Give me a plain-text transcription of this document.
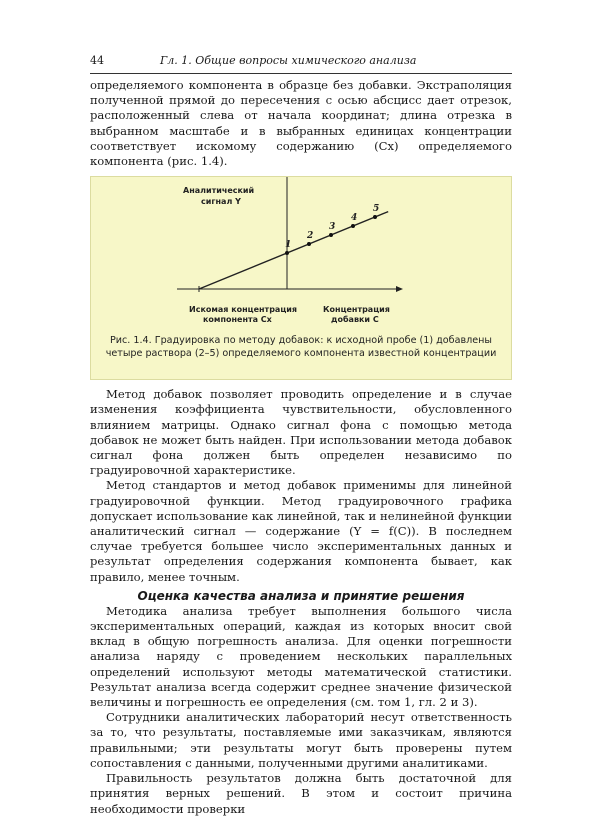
44	Гл. 1. Общие вопросы химического анализа

определяемого компонента в образце без добавки. Экстраполяция полученной прямой до пересечения с осью абсцисс дает отрезок, расположенный слева от начала координат; длина отрезка в выбранном масштабе и в выбранных единицах концентрации соответствует искомому содержанию (Cx) определяемого компонента (рис. 1.4).

Аналитический
сигнал Y
Искомая концентрация
компонента Cx
Концентрация
добавки C
1
2
3
4
5
Рис. 1.4. Градуировка по методу добавок: к исходной пробе (1) добавлены четыре раствора (2–5) определяемого компонента известной концентрации

Метод добавок позволяет проводить определение и в случае изменения коэффициента чувствительности, обусловленного влиянием матрицы. Однако сигнал фона с помощью метода добавок не может быть найден. При использовании метода добавок сигнал фона должен быть определен независимо по градуировочной характеристике.

Метод стандартов и метод добавок применимы для линейной градуировочной функции. Метод градуировочного графика допускает использование как линейной, так и нелинейной функции аналитический сигнал — содержание (Y = f(C)). В последнем случае требуется большее число экспериментальных данных и результат определения содержания компонента бывает, как правило, менее точным.

Оценка качества анализа и принятие решения

Методика анализа требует выполнения большого числа экспериментальных операций, каждая из которых вносит свой вклад в общую погрешность анализа. Для оценки погрешности анализа наряду с проведением нескольких параллельных определений используют методы математической статистики. Результат анализа всегда содержит среднее значение физической величины и погрешность ее определения (см. том 1, гл. 2 и 3).

Сотрудники аналитических лабораторий несут ответственность за то, что результаты, поставляемые ими заказчикам, являются правильными; эти результаты могут быть проверены путем сопоставления с данными, полученными другими аналитиками.

Правильность результатов должна быть достаточной для принятия верных решений. В этом и состоит причина необходимости проверки
